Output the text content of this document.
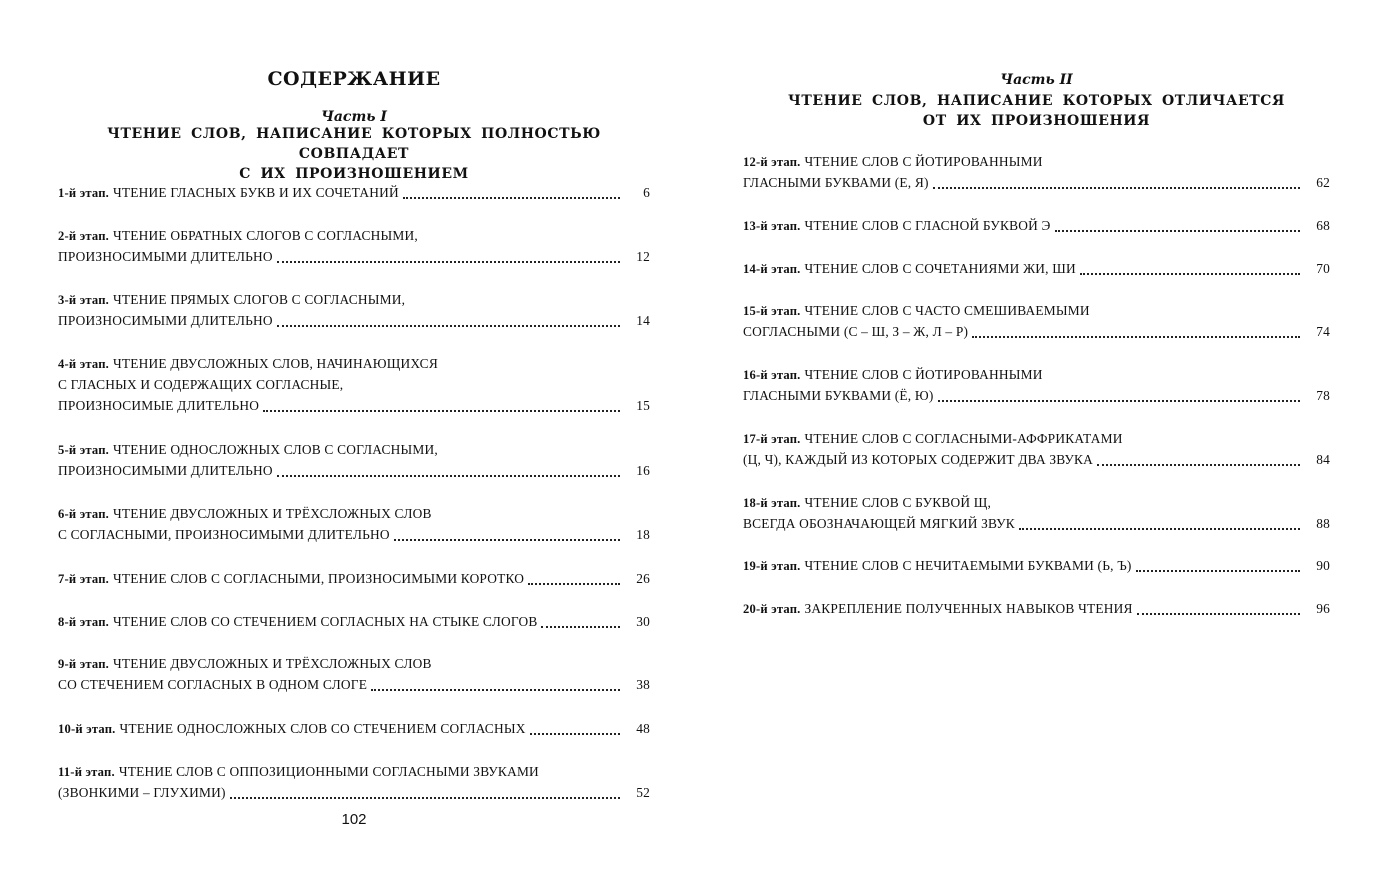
СОДЕРЖАНИЕ
Часть I
ЧТЕНИЕ СЛОВ, НАПИСАНИЕ КОТОРЫХ ПОЛНОСТЬЮ СОВПАДАЕТ
С ИХ ПРОИЗНОШЕНИЕМ
1-й этап. ЧТЕНИЕ ГЛАСНЫХ БУКВ И ИХ СОЧЕТАНИЙ	6
2-й этап. ЧТЕНИЕ ОБРАТНЫХ СЛОГОВ С СОГЛАСНЫМИ,
ПРОИЗНОСИМЫМИ ДЛИТЕЛЬНО	12
3-й этап. ЧТЕНИЕ ПРЯМЫХ СЛОГОВ С СОГЛАСНЫМИ,
ПРОИЗНОСИМЫМИ ДЛИТЕЛЬНО	14
4-й этап. ЧТЕНИЕ ДВУСЛОЖНЫХ СЛОВ, НАЧИНАЮЩИХСЯ
С ГЛАСНЫХ И СОДЕРЖАЩИХ СОГЛАСНЫЕ,
ПРОИЗНОСИМЫЕ ДЛИТЕЛЬНО	15
5-й этап. ЧТЕНИЕ ОДНОСЛОЖНЫХ СЛОВ С СОГЛАСНЫМИ,
ПРОИЗНОСИМЫМИ ДЛИТЕЛЬНО	16
6-й этап. ЧТЕНИЕ ДВУСЛОЖНЫХ И ТРЁХСЛОЖНЫХ СЛОВ
С СОГЛАСНЫМИ, ПРОИЗНОСИМЫМИ ДЛИТЕЛЬНО	18
7-й этап. ЧТЕНИЕ СЛОВ С СОГЛАСНЫМИ, ПРОИЗНОСИМЫМИ КОРОТКО	26
8-й этап. ЧТЕНИЕ СЛОВ СО СТЕЧЕНИЕМ СОГЛАСНЫХ НА СТЫКЕ СЛОГОВ	30
9-й этап. ЧТЕНИЕ ДВУСЛОЖНЫХ И ТРЁХСЛОЖНЫХ СЛОВ
СО СТЕЧЕНИЕМ СОГЛАСНЫХ В ОДНОМ СЛОГЕ	38
10-й этап. ЧТЕНИЕ ОДНОСЛОЖНЫХ СЛОВ СО СТЕЧЕНИЕМ СОГЛАСНЫХ	48
11-й этап. ЧТЕНИЕ СЛОВ С ОППОЗИЦИОННЫМИ СОГЛАСНЫМИ ЗВУКАМИ
(ЗВОНКИМИ – ГЛУХИМИ)	52
102
Часть II
ЧТЕНИЕ СЛОВ, НАПИСАНИЕ КОТОРЫХ ОТЛИЧАЕТСЯ
ОТ ИХ ПРОИЗНОШЕНИЯ
12-й этап. ЧТЕНИЕ СЛОВ С ЙОТИРОВАННЫМИ
ГЛАСНЫМИ БУКВАМИ (Е, Я)	62
13-й этап. ЧТЕНИЕ СЛОВ С ГЛАСНОЙ БУКВОЙ Э	68
14-й этап. ЧТЕНИЕ СЛОВ С СОЧЕТАНИЯМИ ЖИ, ШИ	70
15-й этап. ЧТЕНИЕ СЛОВ С ЧАСТО СМЕШИВАЕМЫМИ
СОГЛАСНЫМИ (С – Ш, З – Ж, Л – Р)	74
16-й этап. ЧТЕНИЕ СЛОВ С ЙОТИРОВАННЫМИ
ГЛАСНЫМИ БУКВАМИ (Ё, Ю)	78
17-й этап. ЧТЕНИЕ СЛОВ С СОГЛАСНЫМИ-АФФРИКАТАМИ
(Ц, Ч), КАЖДЫЙ ИЗ КОТОРЫХ СОДЕРЖИТ ДВА ЗВУКА	84
18-й этап. ЧТЕНИЕ СЛОВ С БУКВОЙ Щ,
ВСЕГДА ОБОЗНАЧАЮЩЕЙ МЯГКИЙ ЗВУК	88
19-й этап. ЧТЕНИЕ СЛОВ С НЕЧИТАЕМЫМИ БУКВАМИ (Ь, Ъ)	90
20-й этап. ЗАКРЕПЛЕНИЕ ПОЛУЧЕННЫХ НАВЫКОВ ЧТЕНИЯ	96
